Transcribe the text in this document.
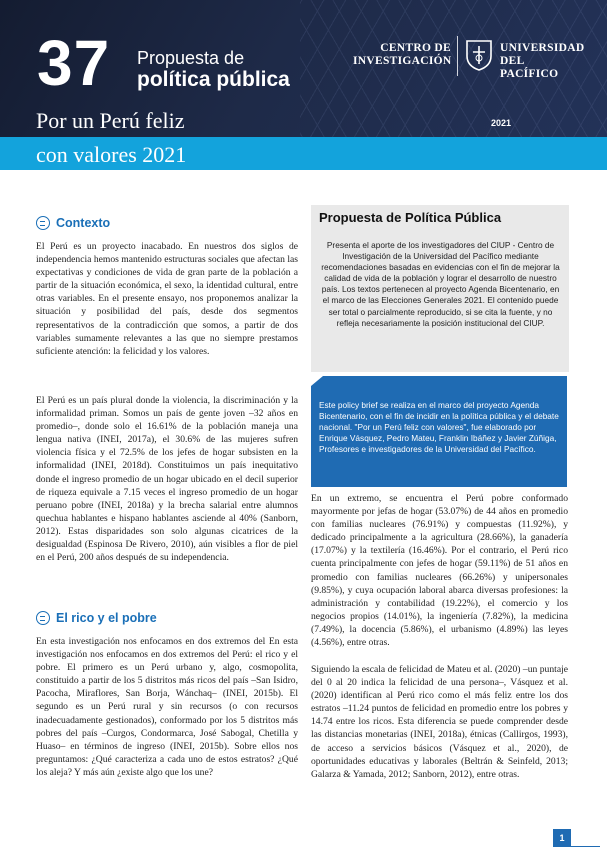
37 Propuesta de
política pública
CENTRO DE
INVESTIGACIÓN
UNIVERSIDAD
DEL PACÍFICO
Por un Perú feliz	2021
con valores 2021
Contexto

El Perú es un proyecto inacabado. En nuestros dos siglos de independencia hemos mantenido estructuras sociales que afectan las expectativas y condiciones de vida de gran parte de la población a partir de la situación económica, el sexo, la identidad cultural, entre otras variables. En el presente ensayo, nos proponemos analizar la situación y posibilidad del país, desde dos segmentos representativos de la contradicción que somos, a partir de dos variables sumamente relevantes a las que no siempre prestamos suficiente atención: la felicidad y los valores.

El Perú es un país plural donde la violencia, la discriminación y la informalidad priman. Somos un país de gente joven –32 años en promedio–, donde solo el 16.61% de la población maneja una lengua nativa (INEI, 2017a), el 30.6% de las mujeres sufren violencia física y el 72.5% de los jefes de hogar subsisten en la informalidad (INEI, 2018d). Constituimos un país inequitativo donde el ingreso promedio de un hogar ubicado en el decil superior de riqueza equivale a 7.15 veces el ingreso promedio de un hogar peruano pobre (INEI, 2018a) y la brecha salarial entre alumnos quechua hablantes e hispano hablantes asciende al 40% (Sanborn, 2012). Estas disparidades son solo algunas cicatrices de la desigualdad (Espinosa De Rivero, 2010), aún visibles a flor de piel en el Perú, 200 años después de su independencia.

El rico y el pobre

En esta investigación nos enfocamos en dos extremos del En esta investigación nos enfocamos en dos extremos del Perú: el rico y el pobre. El primero es un Perú urbano y, algo, cosmopolita, constituido a partir de los 5 distritos más ricos del país –San Isidro, Pacocha, Miraflores, San Borja, Wánchaq– (INEI, 2015b). El segundo es un Perú rural y sin recursos (o con recursos inadecuadamente gestionados), conformado por los 5 distritos más pobres del país –Curgos, Condormarca, José Sabogal, Chetilla y Huaso– en términos de ingreso (INEI, 2015b). Sobre ellos nos preguntamos: ¿Qué caracteriza a cada uno de estos estratos? ¿Qué los aleja? Y más aún ¿existe algo que los une?

Propuesta de Política Pública

Presenta el aporte de los investigadores del CIUP - Centro de Investigación de la Universidad del Pacífico mediante recomendaciones basadas en evidencias con el fin de mejorar la calidad de vida de la población y lograr el desarrollo de nuestro país. Los textos pertenecen al proyecto Agenda Bicentenario, en el marco de las Elecciones Generales 2021. El contenido puede ser total o parcialmente reproducido, si se cita la fuente, y no refleja necesariamente la posición institucional del CIUP.

Este policy brief se realiza en el marco del proyecto Agenda Bicentenario, con el fin de incidir en la política pública y el debate nacional. "Por un Perú feliz con valores", fue elaborado por Enrique Vásquez, Pedro Mateu, Franklin Ibáñez y Javier Zúñiga, Profesores e investigadores de la Universidad del Pacífico.

En un extremo, se encuentra el Perú pobre conformado mayormente por jefas de hogar (53.07%) de 44 años en promedio con familias nucleares (76.91%) y compuestas (11.92%), y dedicado principalmente a la agricultura (28.66%), la ganadería (17.07%) y la textilería (16.46%). Por el contrario, el Perú rico cuenta principalmente con jefes de hogar (59.11%) de 51 años en promedio con familias nucleares (66.26%) y unipersonales (9.85%), y cuya ocupación laboral abarca diversas profesiones: la administración y contabilidad (19.22%), el comercio y los negocios propios (14.01%), la ingeniería (7.82%), la medicina (7.49%), la docencia (5.86%), el urbanismo (4.89%) las leyes (4.56%), entre otras.

Siguiendo la escala de felicidad de Mateu et al. (2020) –un puntaje del 0 al 20 indica la felicidad de una persona–, Vásquez et al. (2020) identifican al Perú rico como el más feliz entre los dos estratos –11.24 puntos de felicidad en promedio entre los pobres y 14.74 entre los ricos. Esta diferencia se puede comprender desde las distancias monetarias (INEI, 2018a), étnicas (Callirgos, 1993), de acceso a servicios básicos (Vásquez et al., 2020), de oportunidades educativas y laborales (Beltrán & Seinfeld, 2013; Galarza & Yamada, 2012; Sanborn, 2012), entre otras.

1
